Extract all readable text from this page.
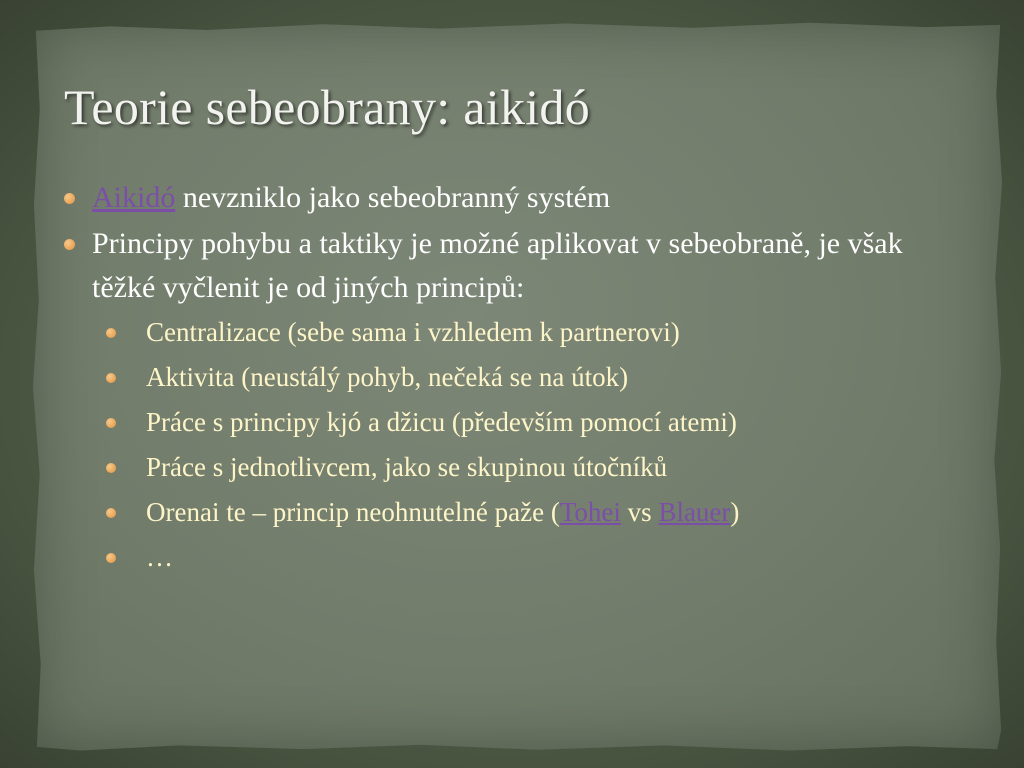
Teorie sebeobrany: aikidó
Aikidó nevzniklo jako sebeobranný systém
Principy pohybu a taktiky je možné aplikovat v sebeobraně, je však těžké vyčlenit je od jiných principů:
Centralizace (sebe sama i vzhledem k partnerovi)
Aktivita (neustálý pohyb, nečeká se na útok)
Práce s principy kjó a džicu (především pomocí atemi)
Práce s jednotlivcem, jako se skupinou útočníků
Orenai te – princip neohnutelné paže (Tohei vs Blauer)
…
